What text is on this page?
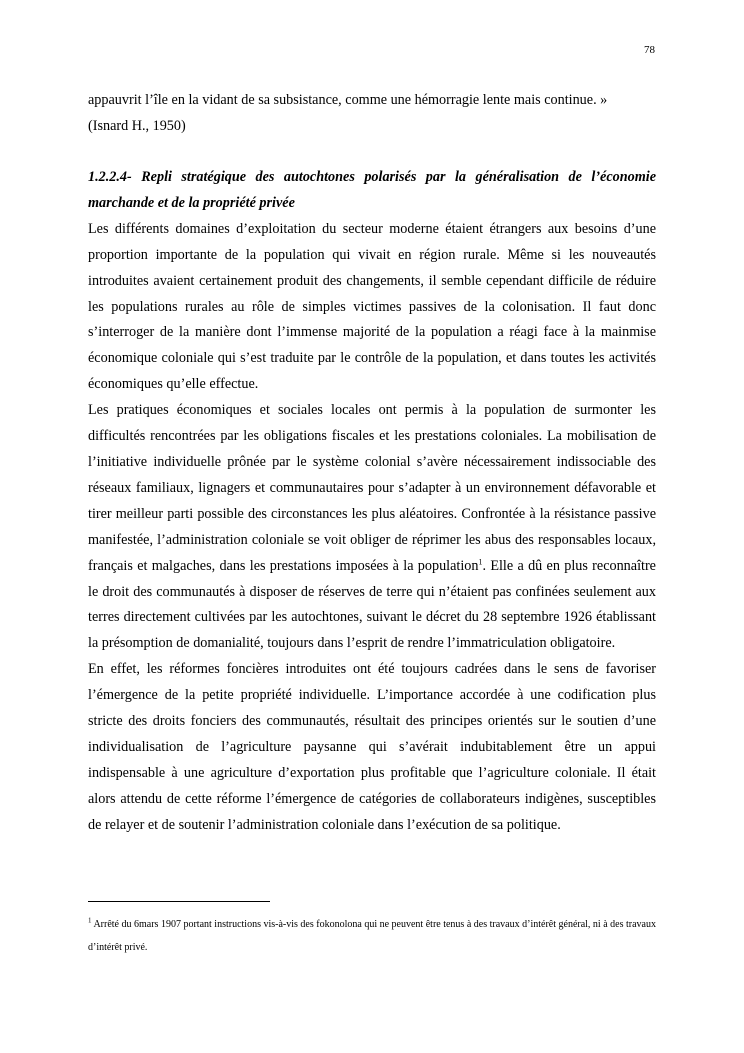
78

appauvrit l’île en la vidant de sa subsistance, comme une hémorragie lente mais continue. »

(Isnard H., 1950)

1.2.2.4- Repli stratégique des autochtones polarisés par la généralisation de l’économie marchande et de la propriété privée

Les différents domaines d’exploitation du secteur moderne étaient étrangers aux besoins d’une proportion importante de la population qui vivait en région rurale. Même si les nouveautés introduites avaient certainement produit des changements, il semble cependant difficile de réduire les populations rurales au rôle de simples victimes passives de la colonisation. Il faut donc s’interroger de la manière dont l’immense majorité de la population a réagi face à la mainmise économique coloniale qui s’est traduite par le contrôle de la population, et dans toutes les activités économiques qu’elle effectue.

Les pratiques économiques et sociales locales ont permis à la population de surmonter les difficultés rencontrées par les obligations fiscales et les prestations coloniales. La mobilisation de l’initiative individuelle prônée par le système colonial s’avère nécessairement indissociable des réseaux familiaux, lignagers et communautaires pour s’adapter à un environnement défavorable et tirer meilleur parti possible des circonstances les plus aléatoires. Confrontée à la résistance passive manifestée, l’administration coloniale se voit obliger de réprimer les abus des responsables locaux, français et malgaches, dans les prestations imposées à la population$^1$. Elle a dû en plus reconnaître le droit des communautés à disposer de réserves de terre qui n’étaient pas confinées seulement aux terres directement cultivées par les autochtones, suivant le décret du 28 septembre 1926 établissant la présomption de domanialité, toujours dans l’esprit de rendre l’immatriculation obligatoire.

En effet, les réformes foncières introduites ont été toujours cadrées dans le sens de favoriser l’émergence de la petite propriété individuelle. L’importance accordée à une codification plus stricte des droits fonciers des communautés, résultait des principes orientés sur le soutien d’une individualisation de l’agriculture paysanne qui s’avérait indubitablement être un appui indispensable à une agriculture d’exportation plus profitable que l’agriculture coloniale. Il était alors attendu de cette réforme l’émergence de catégories de collaborateurs indigènes, susceptibles de relayer et de soutenir l’administration coloniale dans l’exécution de sa politique.

$^1$ Arrêté du 6mars 1907 portant instructions vis-à-vis des fokonolona qui ne peuvent être tenus à des travaux d’intérêt général, ni à des travaux d’intérêt privé.
